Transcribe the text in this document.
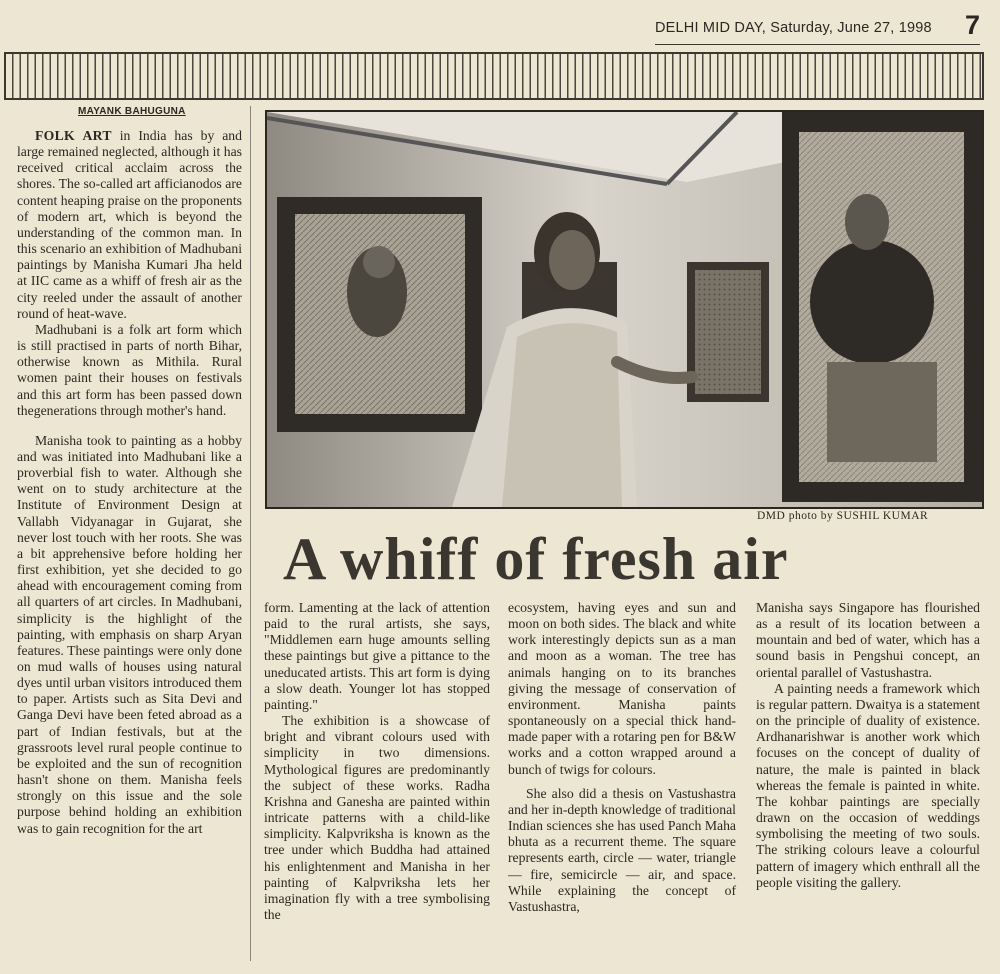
DELHI MID DAY, Saturday, June 27, 1998 7
MAYANK BAHUGUNA

FOLK ART in India has by and large remained neglected, although it has received critical acclaim across the shores. The so-called art afficianodos are content heaping praise on the proponents of modern art, which is beyond the understanding of the common man. In this scenario an exhibition of Madhubani paintings by Manisha Kumari Jha held at IIC came as a whiff of fresh air as the city reeled under the assault of another round of heat-wave.

Madhubani is a folk art form which is still practised in parts of north Bihar, otherwise known as Mithila. Rural women paint their houses on festivals and this art form has been passed down thegenerations through mother's hand.

Manisha took to painting as a hobby and was initiated into Madhubani like a proverbial fish to water. Although she went on to study architecture at the Institute of Environment Design at Vallabh Vidyanagar in Gujarat, she never lost touch with her roots. She was a bit apprehensive before holding her first exhibition, yet she decided to go ahead with encouragement coming from all quarters of art circles. In Madhubani, simplicity is the highlight of the painting, with emphasis on sharp Aryan features. These paintings were only done on mud walls of houses using natural dyes until urban visitors introduced them to paper. Artists such as Sita Devi and Ganga Devi have been feted abroad as a part of Indian festivals, but at the grassroots level rural people continue to be exploited and the sun of recognition hasn't shone on them. Manisha feels strongly on this issue and the sole purpose behind holding an exhibition was to gain recognition for the art

DMD photo by SUSHIL KUMAR
A whiff of fresh air

form. Lamenting at the lack of attention paid to the rural artists, she says, "Middlemen earn huge amounts selling these paintings but give a pittance to the uneducated artists. This art form is dying a slow death. Younger lot has stopped painting."

The exhibition is a showcase of bright and vibrant colours used with simplicity in two dimensions. Mythological figures are predominantly the subject of these works. Radha Krishna and Ganesha are painted within intricate patterns with a child-like simplicity. Kalpvriksha is known as the tree under which Buddha had attained his enlightenment and Manisha in her painting of Kalpvriksha lets her imagination fly with a tree symbolising the

ecosystem, having eyes and sun and moon on both sides. The black and white work interestingly depicts sun as a man and moon as a woman. The tree has animals hanging on to its branches giving the message of conservation of environment. Manisha paints spontaneously on a special thick hand-made paper with a rotaring pen for B&W works and a cotton wrapped around a bunch of twigs for colours.

She also did a thesis on Vastushastra and her in-depth knowledge of traditional Indian sciences she has used Panch Maha bhuta as a recurrent theme. The square represents earth, circle — water, triangle — fire, semicircle — air, and space. While explaining the concept of Vastushastra,

Manisha says Singapore has flourished as a result of its location between a mountain and bed of water, which has a sound basis in Pengshui concept, an oriental parallel of Vastushastra.

A painting needs a framework which is regular pattern. Dwaitya is a statement on the principle of duality of existence. Ardhanarishwar is another work which focuses on the concept of duality of nature, the male is painted in black whereas the female is painted in white. The kohbar paintings are specially drawn on the occasion of weddings symbolising the meeting of two souls. The striking colours leave a colourful pattern of imagery which enthrall all the people visiting the gallery.
